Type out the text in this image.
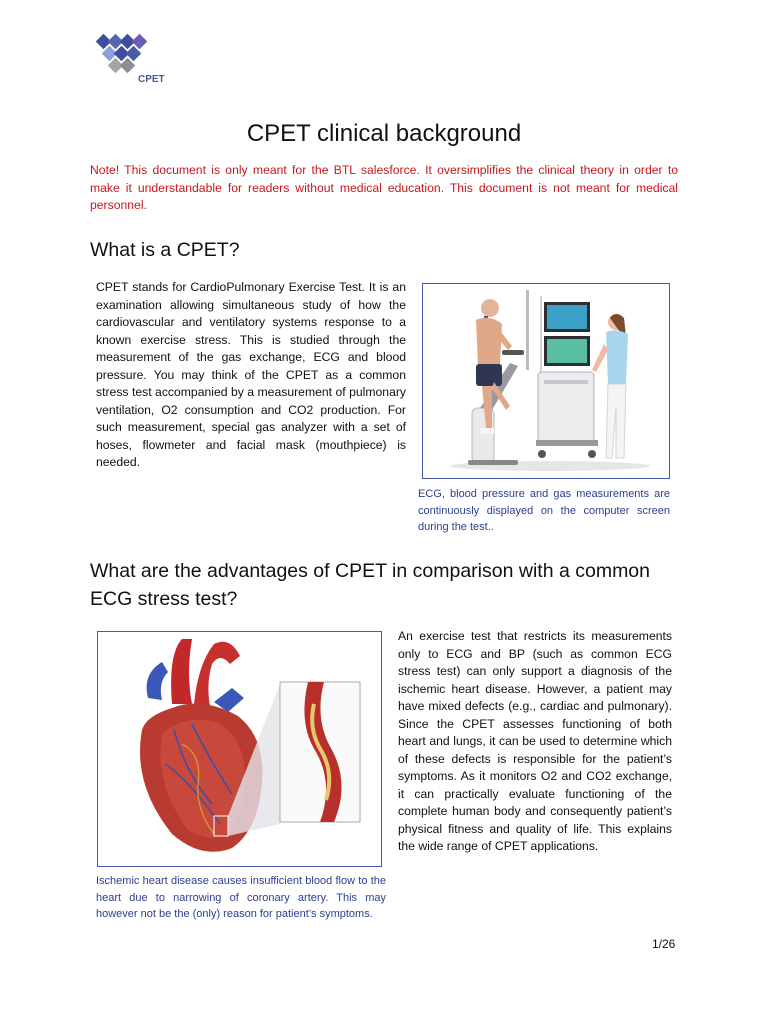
CPET
CPET clinical background
Note! This document is only meant for the BTL salesforce. It oversimplifies the clinical theory in order to make it understandable for readers without medical education. This document is not meant for medical personnel.
What is a CPET?
CPET stands for CardioPulmonary Exercise Test. It is an examination allowing simultaneous study of how the cardiovascular and ventilatory systems response to a known exercise stress. This is studied through the measurement of the gas exchange, ECG and blood pressure. You may think of the CPET as a common stress test accompanied by a measurement of pulmonary ventilation, O2 consumption and CO2 production. For such measurement, special gas analyzer with a set of hoses, flowmeter and facial mask (mouthpiece) is needed.
ECG, blood pressure and gas measurements are continuously displayed on the computer screen during the test..
What are the advantages of CPET in comparison with a common ECG stress test?
Ischemic heart disease causes insufficient blood flow to the heart due to narrowing of coronary artery. This may however not be the (only) reason for patient’s symptoms.
An exercise test that restricts its measurements only to ECG and BP (such as common ECG stress test) can only support a diagnosis of the ischemic heart disease. However, a patient may have mixed defects (e.g., cardiac and pulmonary). Since the CPET assesses functioning of both heart and lungs, it can be used to determine which of these defects is responsible for the patient’s symptoms. As it monitors O2 and CO2 exchange, it can practically evaluate functioning of the complete human body and consequently patient’s physical fitness and quality of life. This explains the wide range of CPET applications.
1/26
